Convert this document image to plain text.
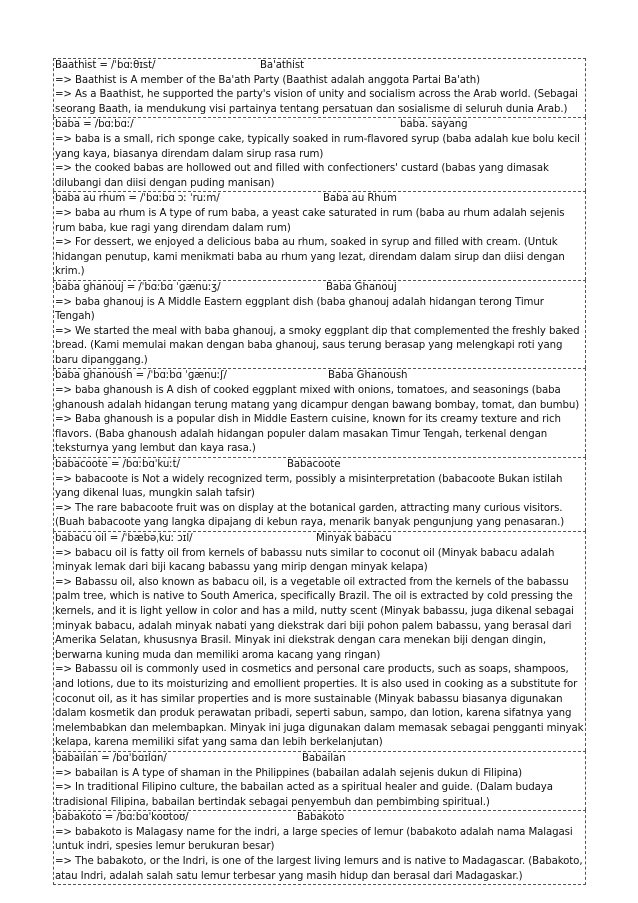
Baathist = /ˈbɑːθɪst/	Ba'athist
=> Baathist is A member of the Ba'ath Party (Baathist adalah anggota Partai Ba'ath)
=> As a Baathist, he supported the party's vision of unity and socialism across the Arab world. (Sebagai seorang Baath, ia mendukung visi partainya tentang persatuan dan sosialisme di seluruh dunia Arab.)
baba = /bɑːbɑː/	baba. sayang
=> baba is a small, rich sponge cake, typically soaked in rum-flavored syrup (baba adalah kue bolu kecil yang kaya, biasanya direndam dalam sirup rasa rum)
=> the cooked babas are hollowed out and filled with confectioners' custard (babas yang dimasak dilubangi dan diisi dengan puding manisan)
baba au rhum = /ˈbɑːbɑ ɔː ˈruːm/	Baba au Rhum
=> baba au rhum is A type of rum baba, a yeast cake saturated in rum (baba au rhum adalah sejenis rum baba, kue ragi yang direndam dalam rum)
=> For dessert, we enjoyed a delicious baba au rhum, soaked in syrup and filled with cream. (Untuk hidangan penutup, kami menikmati baba au rhum yang lezat, direndam dalam sirup dan diisi dengan krim.)
baba ghanouj = /ˈbɑːbɑ ˈɡænuːʒ/	Baba Ghanouj
=> baba ghanouj is A Middle Eastern eggplant dish (baba ghanouj adalah hidangan terong Timur Tengah)
=> We started the meal with baba ghanouj, a smoky eggplant dip that complemented the freshly baked bread. (Kami memulai makan dengan baba ghanouj, saus terung berasap yang melengkapi roti yang baru dipanggang.)
baba ghanoush = /ˈbɑːbɑ ˈɡænuːʃ/	Baba Ghanoush
=> baba ghanoush is A dish of cooked eggplant mixed with onions, tomatoes, and seasonings (baba ghanoush adalah hidangan terung matang yang dicampur dengan bawang bombay, tomat, dan bumbu)
=> Baba ghanoush is a popular dish in Middle Eastern cuisine, known for its creamy texture and rich flavors. (Baba ghanoush adalah hidangan populer dalam masakan Timur Tengah, terkenal dengan teksturnya yang lembut dan kaya rasa.)
babacoote = /bɑːbɑˈkuːt/	Babacoote
=> babacoote is Not a widely recognized term, possibly a misinterpretation (babacoote Bukan istilah yang dikenal luas, mungkin salah tafsir)
=> The rare babacoote fruit was on display at the botanical garden, attracting many curious visitors. (Buah babacoote yang langka dipajang di kebun raya, menarik banyak pengunjung yang penasaran.)
babacu oil = /ˈbæbəˌkuː ɔɪl/	Minyak babacu
=> babacu oil is fatty oil from kernels of babassu nuts similar to coconut oil (Minyak babacu adalah minyak lemak dari biji kacang babassu yang mirip dengan minyak kelapa)
=> Babassu oil, also known as babacu oil, is a vegetable oil extracted from the kernels of the babassu palm tree, which is native to South America, specifically Brazil. The oil is extracted by cold pressing the kernels, and it is light yellow in color and has a mild, nutty scent (Minyak babassu, juga dikenal sebagai minyak babacu, adalah minyak nabati yang diekstrak dari biji pohon palem babassu, yang berasal dari Amerika Selatan, khususnya Brasil. Minyak ini diekstrak dengan cara menekan biji dengan dingin, berwarna kuning muda dan memiliki aroma kacang yang ringan)
=> Babassu oil is commonly used in cosmetics and personal care products, such as soaps, shampoos, and lotions, due to its moisturizing and emollient properties. It is also used in cooking as a substitute for coconut oil, as it has similar properties and is more sustainable (Minyak babassu biasanya digunakan dalam kosmetik dan produk perawatan pribadi, seperti sabun, sampo, dan lotion, karena sifatnya yang melembabkan dan melembapkan. Minyak ini juga digunakan dalam memasak sebagai pengganti minyak kelapa, karena memiliki sifat yang sama dan lebih berkelanjutan)
babailan = /bɑˈbɑɪlɑn/	Babailan
=> babailan is A type of shaman in the Philippines (babailan adalah sejenis dukun di Filipina)
=> In traditional Filipino culture, the babailan acted as a spiritual healer and guide. (Dalam budaya tradisional Filipina, babailan bertindak sebagai penyembuh dan pembimbing spiritual.)
babakoto = /bɑːbɑˈkoʊtoʊ/	Babakoto
=> babakoto is Malagasy name for the indri, a large species of lemur (babakoto adalah nama Malagasi untuk indri, spesies lemur berukuran besar)
=> The babakoto, or the Indri, is one of the largest living lemurs and is native to Madagascar. (Babakoto, atau Indri, adalah salah satu lemur terbesar yang masih hidup dan berasal dari Madagaskar.)
